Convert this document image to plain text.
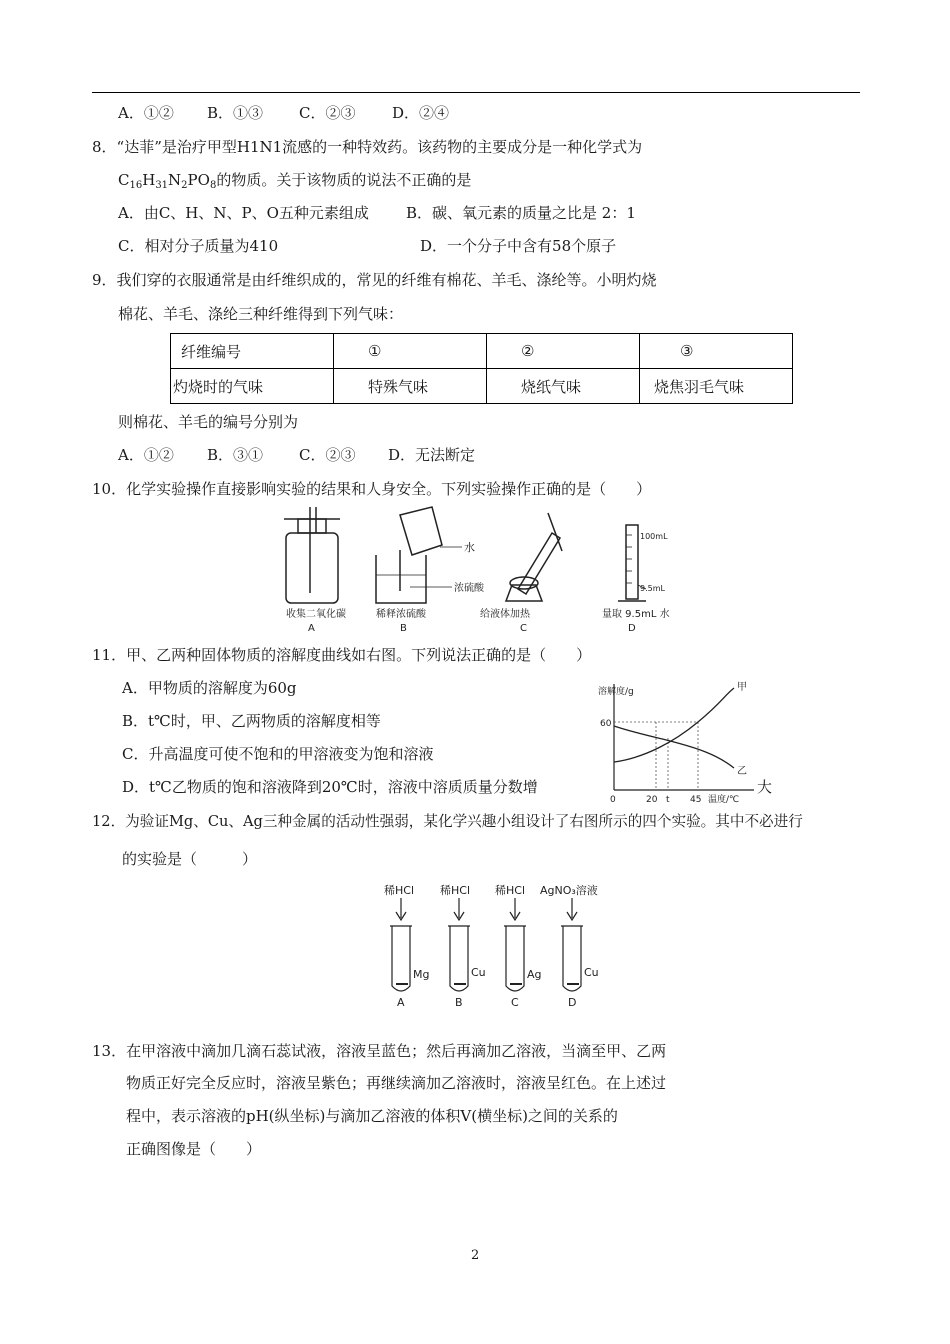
A．①② B．①③ C．②③ D．②④
8．“达菲”是治疗甲型H1N1流感的一种特效药。该药物的主要成分是一种化学式为
$C_{16}H_{31}N_2PO_8$的物质。关于该物质的说法不正确的是
A．由C、H、N、P、O五种元素组成 B．碳、氧元素的质量之比是 2：1
C．相对分子质量为410	D．一个分子中含有58个原子
9．我们穿的衣服通常是由纤维织成的，常见的纤维有棉花、羊毛、涤纶等。小明灼烧
棉花、羊毛、涤纶三种纤维得到下列气味：
纤维编号	①	②	③
灼烧时的气味	特殊气味	烧纸气味	烧焦羽毛气味
则棉花、羊毛的编号分别为
A．①② B．③① C．②③ D．无法断定
10．化学实验操作直接影响实验的结果和人身安全。下列实验操作正确的是（　　）
水
浓硫酸
100mL
9.5mL
收集二氧化碳	稀释浓硫酸	给液体加热	量取 9.5mL 水
A	B	C	D
11．甲、乙两种固体物质的溶解度曲线如右图。下列说法正确的是（　　）
A．甲物质的溶解度为60g
B．t℃时，甲、乙两物质的溶解度相等
C．升高温度可使不饱和的甲溶液变为饱和溶液
D．t℃乙物质的饱和溶液降到20℃时，溶液中溶质质量分数增	大
溶解度/g
60
甲
乙
0	20 t 45 温度/℃
12．为验证Mg、Cu、Ag三种金属的活动性强弱，某化学兴趣小组设计了右图所示的四个实验。其中不必进行
的实验是（　　　）
稀HCl 稀HCl 稀HCl AgNO₃溶液
Mg	Cu	Ag	Cu
A	B	C	D
13．在甲溶液中滴加几滴石蕊试液，溶液呈蓝色；然后再滴加乙溶液，当滴至甲、乙两
物质正好完全反应时，溶液呈紫色；再继续滴加乙溶液时，溶液呈红色。在上述过
程中，表示溶液的pH(纵坐标)与滴加乙溶液的体积V(横坐标)之间的关系的
正确图像是（　　）
2
